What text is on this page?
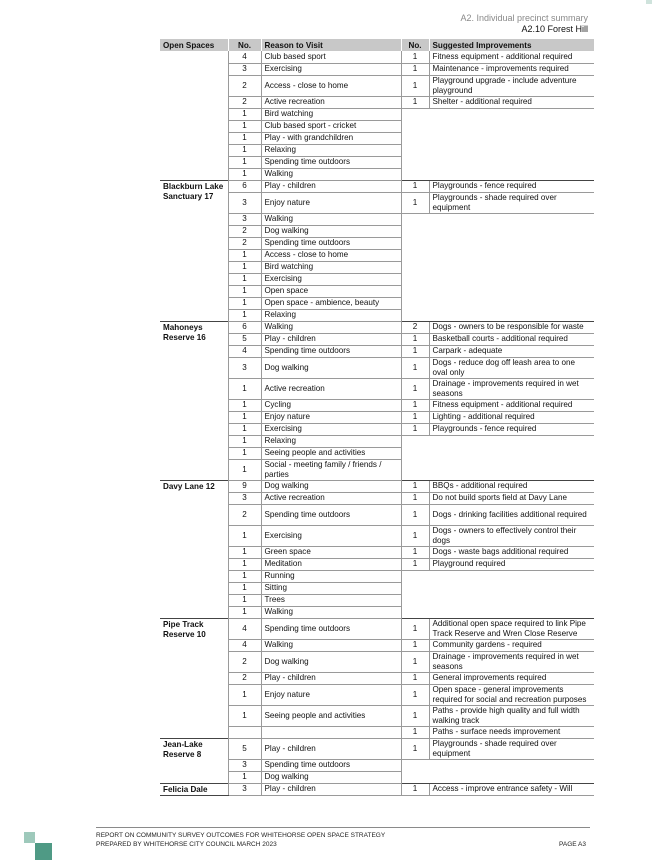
A2. Individual precinct summary
A2.10 Forest Hill
Open Spaces	No.	Reason to Visit	No.	Suggested Improvements
	4	Club based sport	1	Fitness equipment - additional required
	3	Exercising	1	Maintenance - improvements required
	2	Access - close to home	1	Playground upgrade - include adventure playground
	2	Active recreation	1	Shelter - additional required
	1	Bird watching		
	1	Club based sport - cricket		
	1	Play - with grandchildren		
	1	Relaxing		
	1	Spending time outdoors		
	1	Walking		
Blackburn Lake Sanctuary 17	6	Play - children	1	Playgrounds - fence required
	3	Enjoy nature	1	Playgrounds - shade required over equipment
	3	Walking		
	2	Dog walking		
	2	Spending time outdoors		
	1	Access - close to home		
	1	Bird watching		
	1	Exercising		
	1	Open space		
	1	Open space - ambience, beauty		
	1	Relaxing		
Mahoneys Reserve 16	6	Walking	2	Dogs - owners to be responsible for waste
	5	Play - children	1	Basketball courts - additional required
	4	Spending time outdoors	1	Carpark - adequate
	3	Dog walking	1	Dogs - reduce dog off leash area to one oval only
	1	Active recreation	1	Drainage - improvements required in wet seasons
	1	Cycling	1	Fitness equipment - additional required
	1	Enjoy nature	1	Lighting - additional required
	1	Exercising	1	Playgrounds - fence required
	1	Relaxing		
	1	Seeing people and activities		
	1	Social - meeting family / friends / parties		
Davy Lane 12	9	Dog walking	1	BBQs - additional required
	3	Active recreation	1	Do not build sports field at Davy Lane
	2	Spending time outdoors	1	Dogs - drinking facilities additional required
	1	Exercising	1	Dogs - owners to effectively control their dogs
	1	Green space	1	Dogs - waste bags additional required
	1	Meditation	1	Playground required
	1	Running		
	1	Sitting		
	1	Trees		
	1	Walking		
Pipe Track Reserve 10	4	Spending time outdoors	1	Additional open space required to link Pipe Track Reserve and Wren Close Reserve
	4	Walking	1	Community gardens - required
	2	Dog walking	1	Drainage - improvements required in wet seasons
	2	Play - children	1	General improvements required
	1	Enjoy nature	1	Open space - general improvements required for social and recreation purposes
	1	Seeing people and activities	1	Paths - provide high quality and full width walking track
			1	Paths - surface needs improvement
Jean-Lake Reserve 8	5	Play - children	1	Playgrounds - shade required over equipment
	3	Spending time outdoors		
	1	Dog walking		
Felicia Dale	3	Play - children	1	Access - improve entrance safety - Will
REPORT ON COMMUNITY SURVEY OUTCOMES FOR WHITEHORSE OPEN SPACE STRATEGY
PREPARED BY WHITEHORSE CITY COUNCIL MARCH 2023	PAGE A3
